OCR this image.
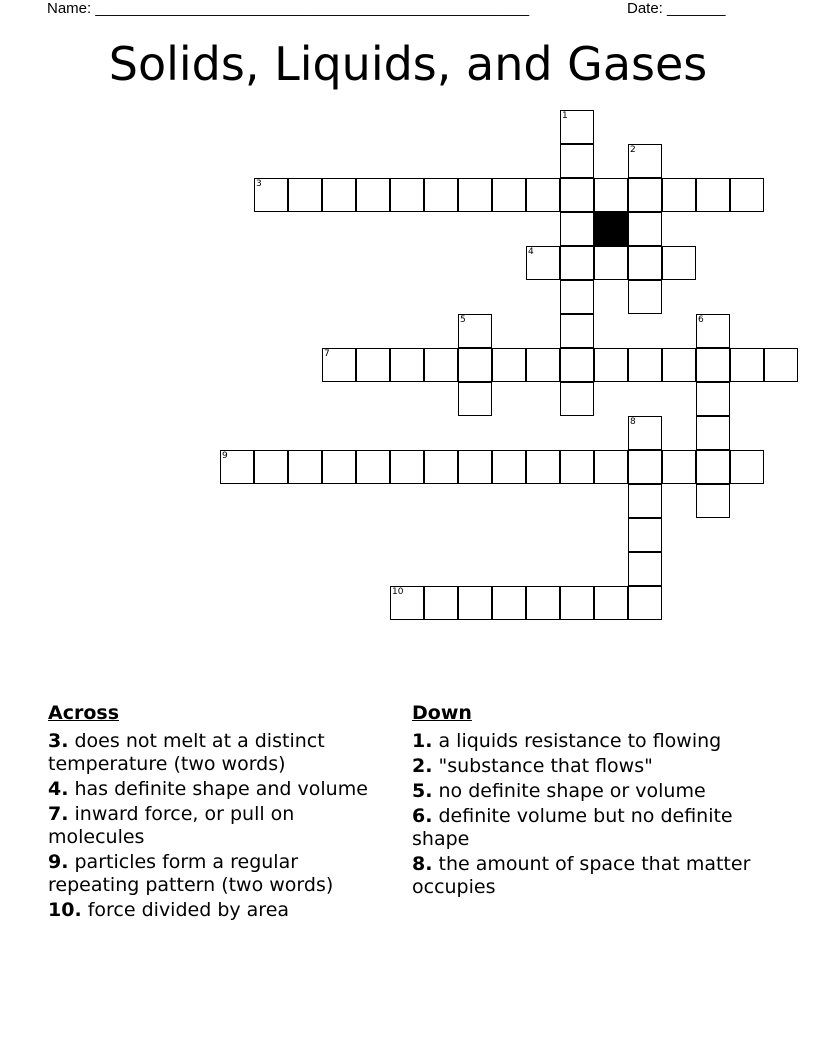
Name: ____________________________________________________	Date: _______
Solids, Liquids, and Gases
1
2
3
4
5	6
7
8
9
10
Across
3. does not melt at a distinct temperature (two words)
4. has definite shape and volume
7. inward force, or pull on molecules
9. particles form a regular repeating pattern (two words)
10. force divided by area
Down
1. a liquids resistance to flowing
2. "substance that flows"
5. no definite shape or volume
6. definite volume but no definite shape
8. the amount of space that matter occupies
